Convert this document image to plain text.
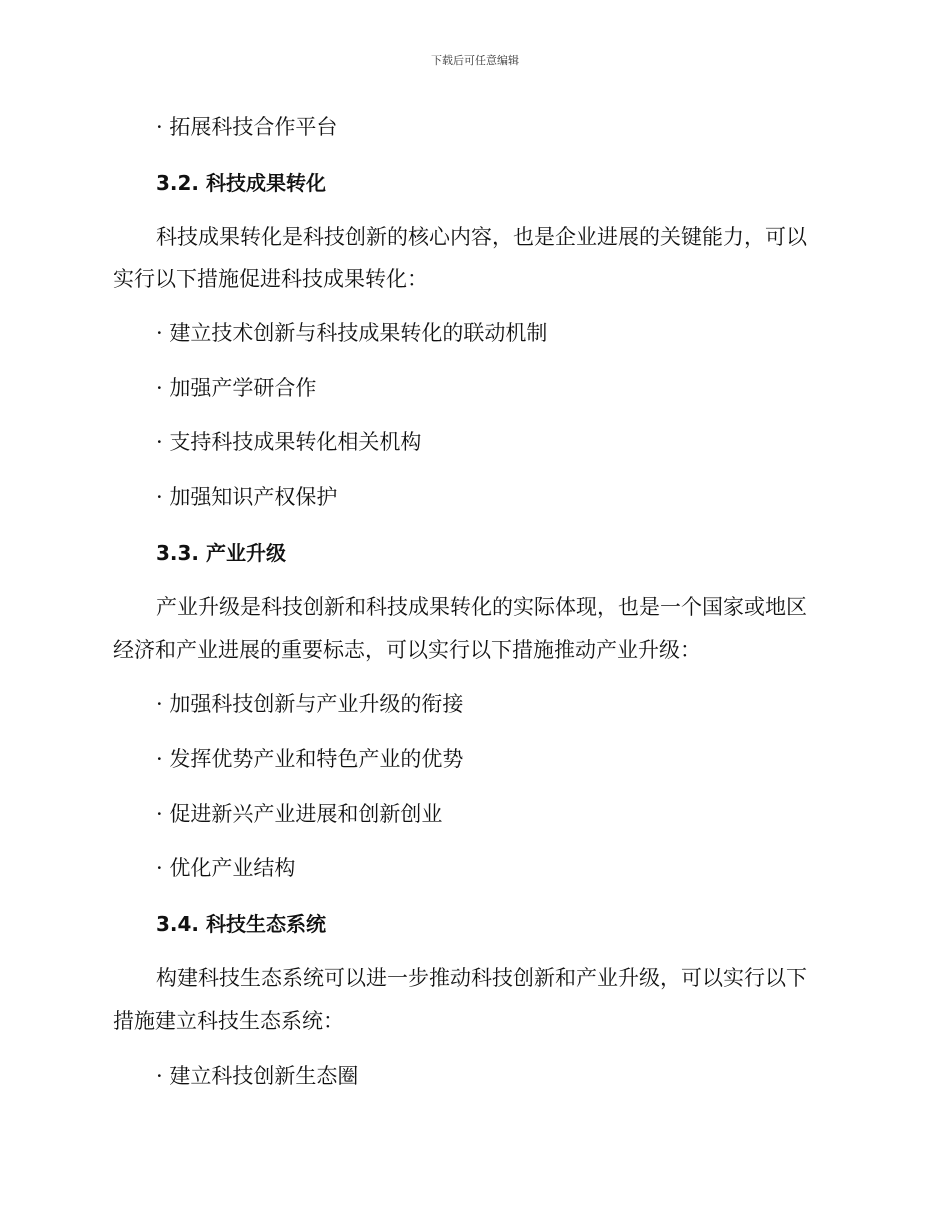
下载后可任意编辑
· 拓展科技合作平台
3.2. 科技成果转化
科技成果转化是科技创新的核心内容，也是企业进展的关键能力，可以
实行以下措施促进科技成果转化：
· 建立技术创新与科技成果转化的联动机制
· 加强产学研合作
· 支持科技成果转化相关机构
· 加强知识产权保护
3.3. 产业升级
产业升级是科技创新和科技成果转化的实际体现，也是一个国家或地区
经济和产业进展的重要标志，可以实行以下措施推动产业升级：
· 加强科技创新与产业升级的衔接
· 发挥优势产业和特色产业的优势
· 促进新兴产业进展和创新创业
· 优化产业结构
3.4. 科技生态系统
构建科技生态系统可以进一步推动科技创新和产业升级，可以实行以下
措施建立科技生态系统：
· 建立科技创新生态圈
